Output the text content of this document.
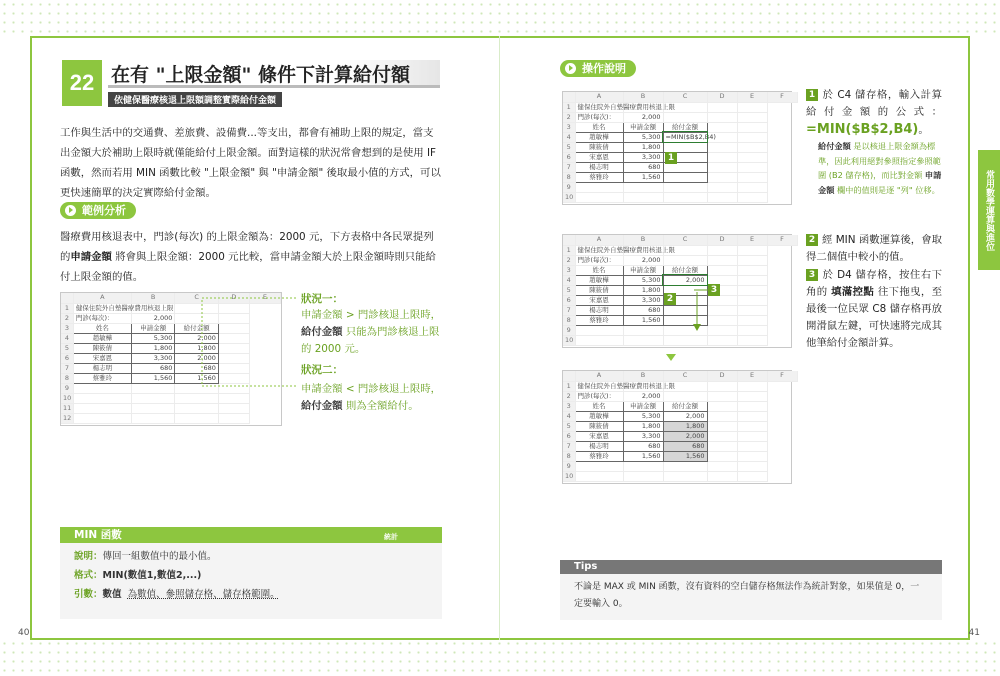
40	41
22 在有 "上限金額" 條件下計算給付額
依健保醫療核退上限額調整實際給付金額
工作與生活中的交通費、差旅費、設備費...等支出，都會有補助上限的規定，當支出金額大於補助上限時就僅能給付上限金額。面對這樣的狀況常會想到的是使用 IF 函數，然而若用 MIN 函數比較 "上限金額" 與 "申請金額" 後取最小值的方式，可以更快速簡單的決定實際給付金額。
範例分析
醫療費用核退表中，門診(每次) 的上限金額為：2000 元，下方表格中各民眾提列的申請金額 將會與上限金額：2000 元比較，當申請金額大於上限金額時則只能給付上限金額的值。
	A	B	C	D	E
1	健保住院外自墊醫療費用核退上限				
2	門診(每次)：	2,000			
3	姓名	申請金額	給付金額		
4	趙敏樺	5,300	2,000		
5	陳筱倩	1,800	1,800		
6	宋嘉恩	3,300	2,000		
7	楊志明	680	680		
8	蔡雅玲	1,560	1,560		
9					
10					
11					
12					
狀況一：
申請金額 > 門診核退上限時，給付金額 只能為門診核退上限的 2000 元。
狀況二：
申請金額 < 門診核退上限時，給付金額 則為全額給付。
MIN 函數	統計
說明：傳回一組數值中的最小值。
格式：MIN(數值1,數值2,...)
引數：數值 為數值、參照儲存格、儲存格範圍。
操作說明
	A	B	C	D	E	F
1	健保住院外自墊醫療費用核退上限					
2	門診(每次)：	2,000				
3	姓名	申請金額	給付金額			
4	趙敏樺	5,300	=MIN($B$2,B4)			
5	陳筱倩	1,800				
6	宋嘉恩	3,300				
7	楊志明	680				
8	蔡雅玲	1,560				
9						
10						
	A	B	C	D	E	F
1	健保住院外自墊醫療費用核退上限					
2	門診(每次)：	2,000				
3	姓名	申請金額	給付金額			
4	趙敏樺	5,300	2,000			
5	陳筱倩	1,800				
6	宋嘉恩	3,300				
7	楊志明	680				
8	蔡雅玲	1,560				
9						
10						
	A	B	C	D	E	F
1	健保住院外自墊醫療費用核退上限					
2	門診(每次)：	2,000				
3	姓名	申請金額	給付金額			
4	趙敏樺	5,300	2,000			
5	陳筱倩	1,800	1,800			
6	宋嘉恩	3,300	2,000			
7	楊志明	680	680			
8	蔡雅玲	1,560	1,560			
9						
10						
1
2
3
1 於 C4 儲存格，輸入計算給付金額的公式：=MIN($B$2,B4)。
給付金額 是以核退上限金額為標準，因此利用絕對參照指定參照範圍 (B2 儲存格)，而比對金額 申請金額 欄中的值則是逐 "列" 位移。
2 經 MIN 函數運算後，會取得二個值中較小的值。
3 於 D4 儲存格，按住右下角的 填滿控點 往下拖曳，至最後一位民眾 C8 儲存格再放開滑鼠左鍵，可快速將完成其他筆給付金額計算。
常用數學運算與進位
Tips
不論是 MAX 或 MIN 函數，沒有資料的空白儲存格無法作為統計對象，如果值是 0，一定要輸入 0。
